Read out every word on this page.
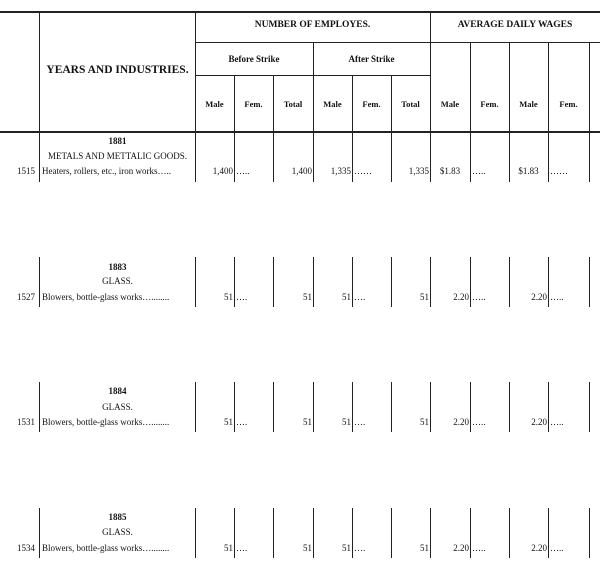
YEARS AND INDUSTRIES.
NUMBER OF EMPLOYES.	AVERAGE DAILY WAGES
Before Strike	After Strike
Male	Fem.	Total	Male	Fem.	Total	Male	Fem.	Male	Fem.
1881
METALS AND METTALIC GOODS.
1515 Heaters, rollers, etc., iron works…..	1,400 …..	1,400	1,335 ……	1,335	$1.83	…..	$1.83	……
1883
GLASS.
1527 Blowers, bottle-glass works…........	51 ….	51	51 ….	51	2.20 …..	2.20 …..
1884
GLASS.
1531 Blowers, bottle-glass works…........	51 ….	51	51 ….	51	2.20 …..	2.20 …..
1885
GLASS.
1534 Blowers, bottle-glass works…........	51 ….	51	51 ….	51	2.20 …..	2.20 …..
